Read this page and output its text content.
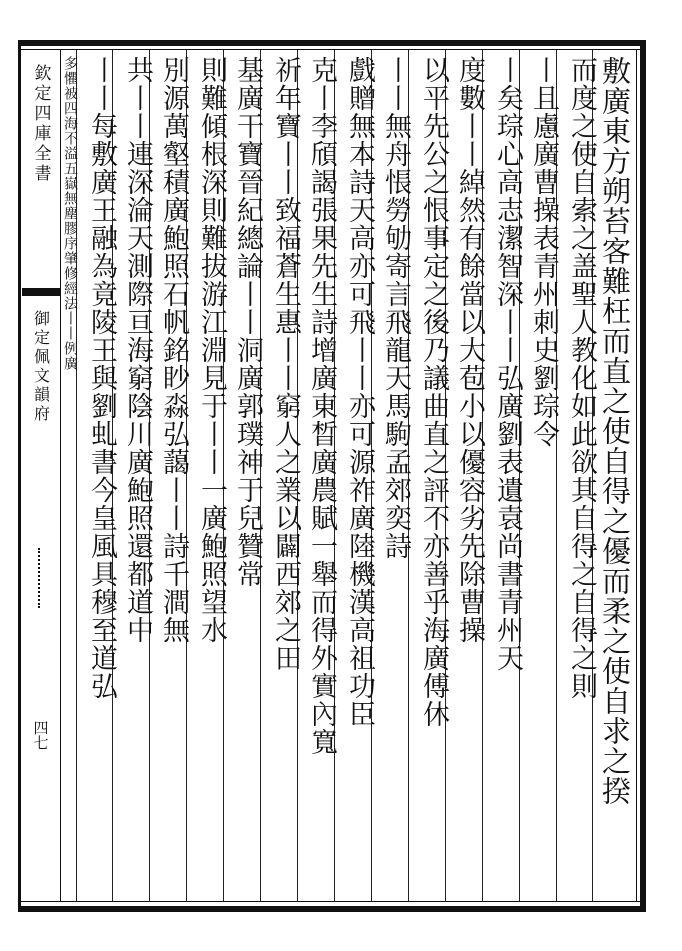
欽定四庫全書
御定佩文韻府
四七	敷廣東方朔苔客難枉而直之使自得之優而柔之使自求之揆
而度之使自索之盖聖人教化如此欲其自得之自得之則
丨且慮廣曹操表青州刺史劉琮令
丨矣琮心高志潔智深丨丨弘廣劉表遺袁尚書青州天
度數丨丨綽然有餘當以大苞小以優容劣先除曹操
以平先公之恨事定之後乃議曲直之評不亦善乎海廣傅休
丨丨無舟悵勞劬寄言飛龍天馬駒孟郊奕詩
戲贈無本詩天高亦可飛丨丨亦可源祚廣陸機漢高祖功臣
克丨李頎謁張果先生詩增廣東晳廣農賦一舉而得外實內寬
祈年寶丨丨致福蒼生惠丨丨窮人之業以闢西郊之田
基廣干寶晉紀總論丨丨洞廣郭璞神于兒贊常
則難傾根深則難拔游江淵見于丨丨一廣鮑照望水
別源萬壑積廣鮑照石帆銘眇淼弘藹丨丨詩千澗無
共丨丨連深淪天測際亘海窮陰川廣鮑照還都道中
丨丨每敷廣王融為竟陵王與劉虬書今皇風具穆至道弘
多懼被四海不溢五嶽無塵膠序肇修經法丨丨例廣
